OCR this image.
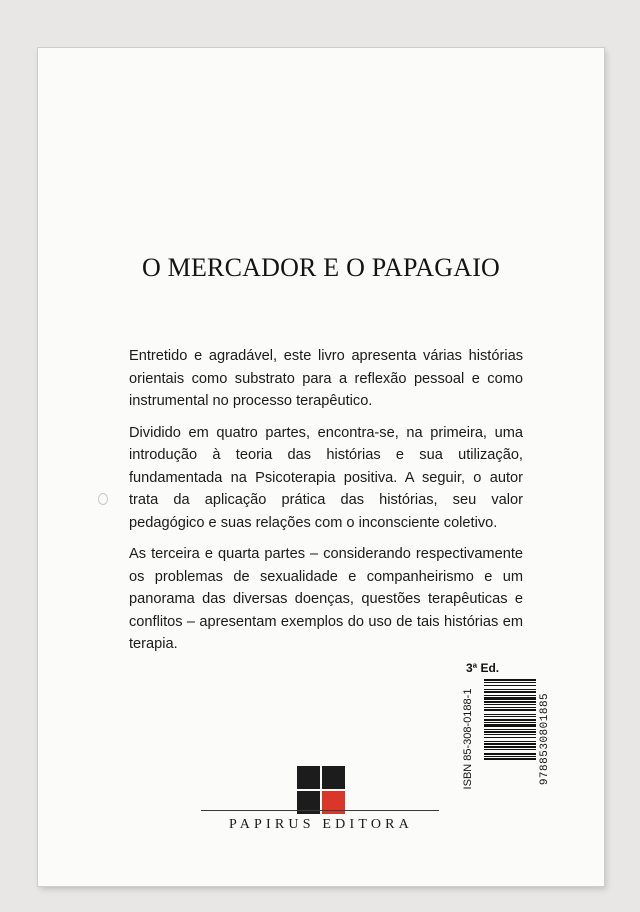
O MERCADOR E O PAPAGAIO

Entretido e agradável, este livro apresenta várias histórias orientais como substrato para a reflexão pessoal e como instrumental no processo terapêutico.

Dividido em quatro partes, encontra-se, na primeira, uma introdução à teoria das histórias e sua utilização, fundamentada na Psicoterapia positiva. A seguir, o autor trata da aplicação prática das histórias, seu valor pedagógico e suas relações com o inconsciente coletivo.

As terceira e quarta partes – considerando respectivamente os problemas de sexualidade e companheirismo e um panorama das diversas doenças, questões terapêuticas e conflitos – apresentam exemplos do uso de tais histórias em terapia.

3ª Ed.
ISBN 85-308-0188-1	9788530801885
PAPIRUS EDITORA
